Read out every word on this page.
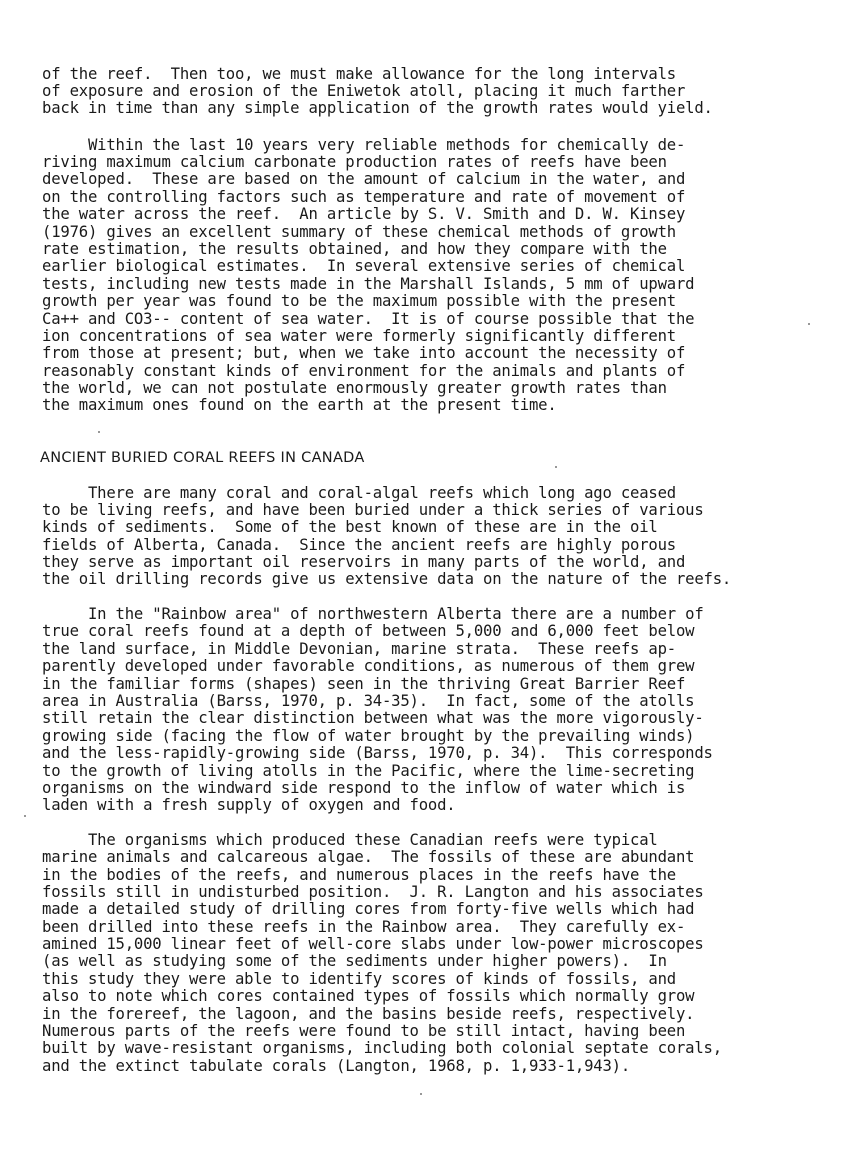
of the reef.  Then too, we must make allowance for the long intervals

of exposure and erosion of the Eniwetok atoll, placing it much farther

back in time than any simple application of the growth rates would yield.

Within the last 10 years very reliable methods for chemically de-

riving maximum calcium carbonate production rates of reefs have been

developed.  These are based on the amount of calcium in the water, and

on the controlling factors such as temperature and rate of movement of

the water across the reef.  An article by S. V. Smith and D. W. Kinsey

(1976) gives an excellent summary of these chemical methods of growth

rate estimation, the results obtained, and how they compare with the

earlier biological estimates.  In several extensive series of chemical

tests, including new tests made in the Marshall Islands, 5 mm of upward

growth per year was found to be the maximum possible with the present

Ca++ and CO3-- content of sea water.  It is of course possible that the

ion concentrations of sea water were formerly significantly different

from those at present; but, when we take into account the necessity of

reasonably constant kinds of environment for the animals and plants of

the world, we can not postulate enormously greater growth rates than

the maximum ones found on the earth at the present time.

ANCIENT BURIED CORAL REEFS IN CANADA

There are many coral and coral-algal reefs which long ago ceased

to be living reefs, and have been buried under a thick series of various

kinds of sediments.  Some of the best known of these are in the oil

fields of Alberta, Canada.  Since the ancient reefs are highly porous

they serve as important oil reservoirs in many parts of the world, and

the oil drilling records give us extensive data on the nature of the reefs.

In the "Rainbow area" of northwestern Alberta there are a number of

true coral reefs found at a depth of between 5,000 and 6,000 feet below

the land surface, in Middle Devonian, marine strata.  These reefs ap-

parently developed under favorable conditions, as numerous of them grew

in the familiar forms (shapes) seen in the thriving Great Barrier Reef

area in Australia (Barss, 1970, p. 34-35).  In fact, some of the atolls

still retain the clear distinction between what was the more vigorously-

growing side (facing the flow of water brought by the prevailing winds)

and the less-rapidly-growing side (Barss, 1970, p. 34).  This corresponds

to the growth of living atolls in the Pacific, where the lime-secreting

organisms on the windward side respond to the inflow of water which is

laden with a fresh supply of oxygen and food.

The organisms which produced these Canadian reefs were typical

marine animals and calcareous algae.  The fossils of these are abundant

in the bodies of the reefs, and numerous places in the reefs have the

fossils still in undisturbed position.  J. R. Langton and his associates

made a detailed study of drilling cores from forty-five wells which had

been drilled into these reefs in the Rainbow area.  They carefully ex-

amined 15,000 linear feet of well-core slabs under low-power microscopes

(as well as studying some of the sediments under higher powers).  In

this study they were able to identify scores of kinds of fossils, and

also to note which cores contained types of fossils which normally grow

in the forereef, the lagoon, and the basins beside reefs, respectively.

Numerous parts of the reefs were found to be still intact, having been

built by wave-resistant organisms, including both colonial septate corals,

and the extinct tabulate corals (Langton, 1968, p. 1,933-1,943).
